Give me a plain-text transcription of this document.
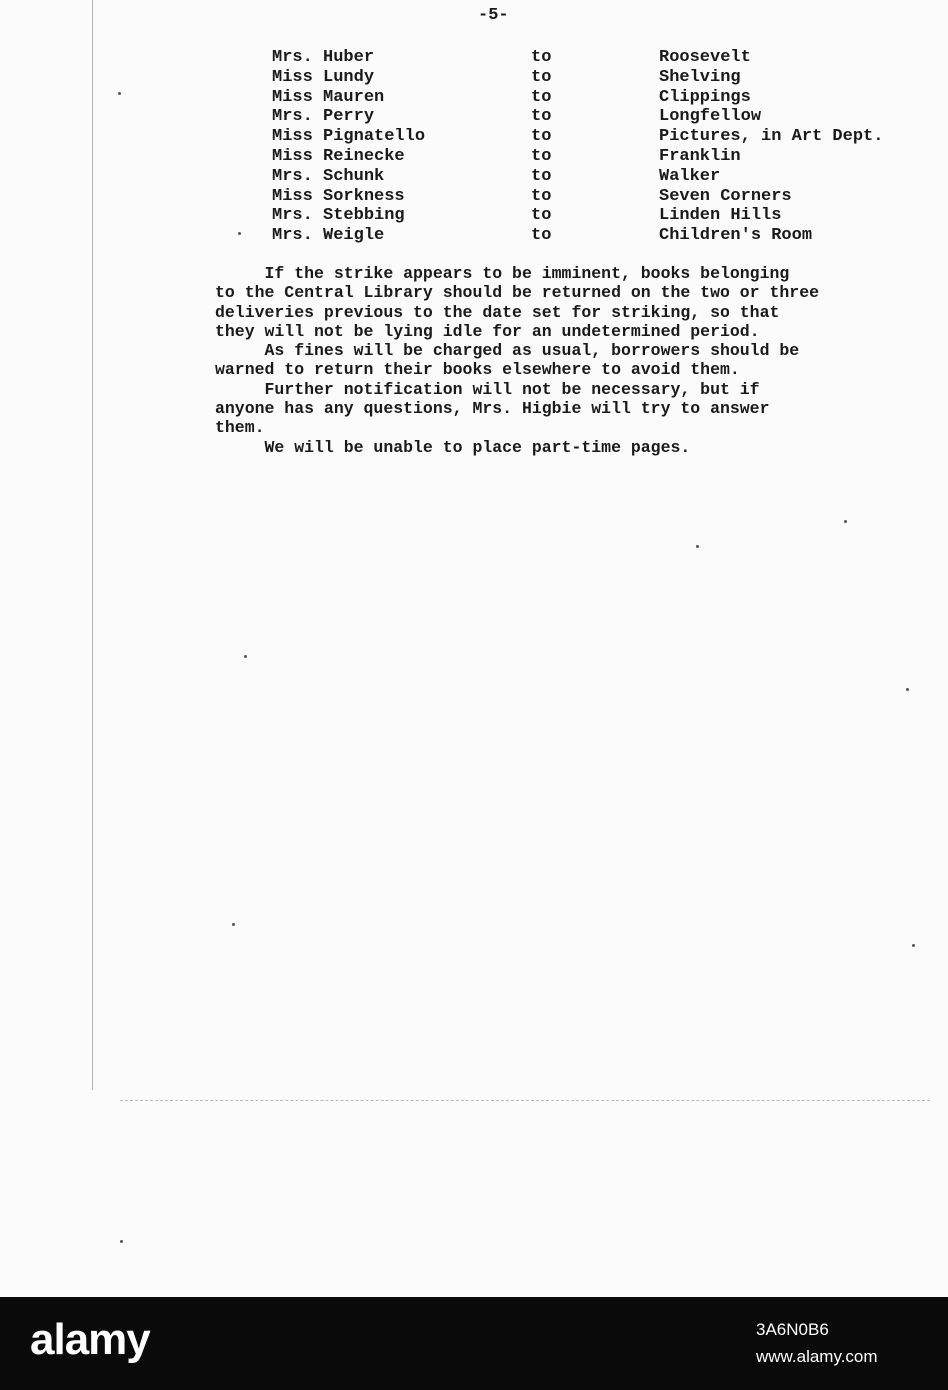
-5-
Mrs. Huber	to	Roosevelt
Miss Lundy	to	Shelving
Miss Mauren	to	Clippings
Mrs. Perry	to	Longfellow
Miss Pignatello	to	Pictures, in Art Dept.
Miss Reinecke	to	Franklin
Mrs. Schunk	to	Walker
Miss Sorkness	to	Seven Corners
Mrs. Stebbing	to	Linden Hills
Mrs. Weigle	to	Children's Room
If the strike appears to be imminent, books belonging
to the Central Library should be returned on the two or three
deliveries previous to the date set for striking, so that
they will not be lying idle for an undetermined period.
As fines will be charged as usual, borrowers should be
warned to return their books elsewhere to avoid them.
Further notification will not be necessary, but if
anyone has any questions, Mrs. Higbie will try to answer
them.
We will be unable to place part-time pages.
alamy	3A6N0B6
www.alamy.com
